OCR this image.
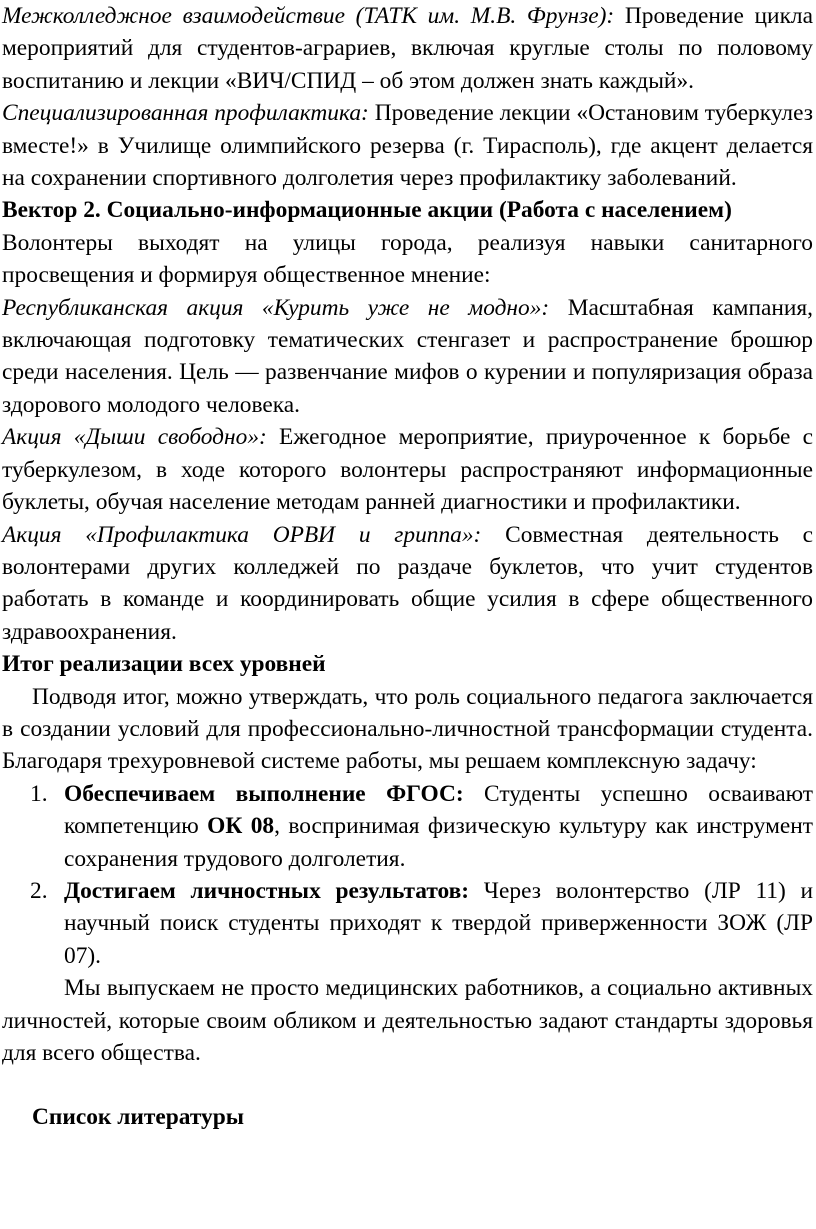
Межколледжное взаимодействие (ТАТК им. М.В. Фрунзе): Проведение цикла мероприятий для студентов-аграриев, включая круглые столы по половому воспитанию и лекции «ВИЧ/СПИД – об этом должен знать каждый».

Специализированная профилактика: Проведение лекции «Остановим туберкулез вместе!» в Училище олимпийского резерва (г. Тирасполь), где акцент делается на сохранении спортивного долголетия через профилактику заболеваний.

Вектор 2. Социально-информационные акции (Работа с населением)

Волонтеры выходят на улицы города, реализуя навыки санитарного просвещения и формируя общественное мнение:

Республиканская акция «Курить уже не модно»: Масштабная кампания, включающая подготовку тематических стенгазет и распространение брошюр среди населения. Цель — развенчание мифов о курении и популяризация образа здорового молодого человека.

Акция «Дыши свободно»: Ежегодное мероприятие, приуроченное к борьбе с туберкулезом, в ходе которого волонтеры распространяют информационные буклеты, обучая население методам ранней диагностики и профилактики.

Акция «Профилактика ОРВИ и гриппа»: Совместная деятельность с волонтерами других колледжей по раздаче буклетов, что учит студентов работать в команде и координировать общие усилия в сфере общественного здравоохранения.

Итог реализации всех уровней

Подводя итог, можно утверждать, что роль социального педагога заключается в создании условий для профессионально-личностной трансформации студента. Благодаря трехуровневой системе работы, мы решаем комплексную задачу:

1. Обеспечиваем выполнение ФГОС: Студенты успешно осваивают компетенцию ОК 08, воспринимая физическую культуру как инструмент сохранения трудового долголетия.
2. Достигаем личностных результатов: Через волонтерство (ЛР 11) и научный поиск студенты приходят к твердой приверженности ЗОЖ (ЛР 07).

Мы выпускаем не просто медицинских работников, а социально активных личностей, которые своим обликом и деятельностью задают стандарты здоровья для всего общества.

Список литературы
